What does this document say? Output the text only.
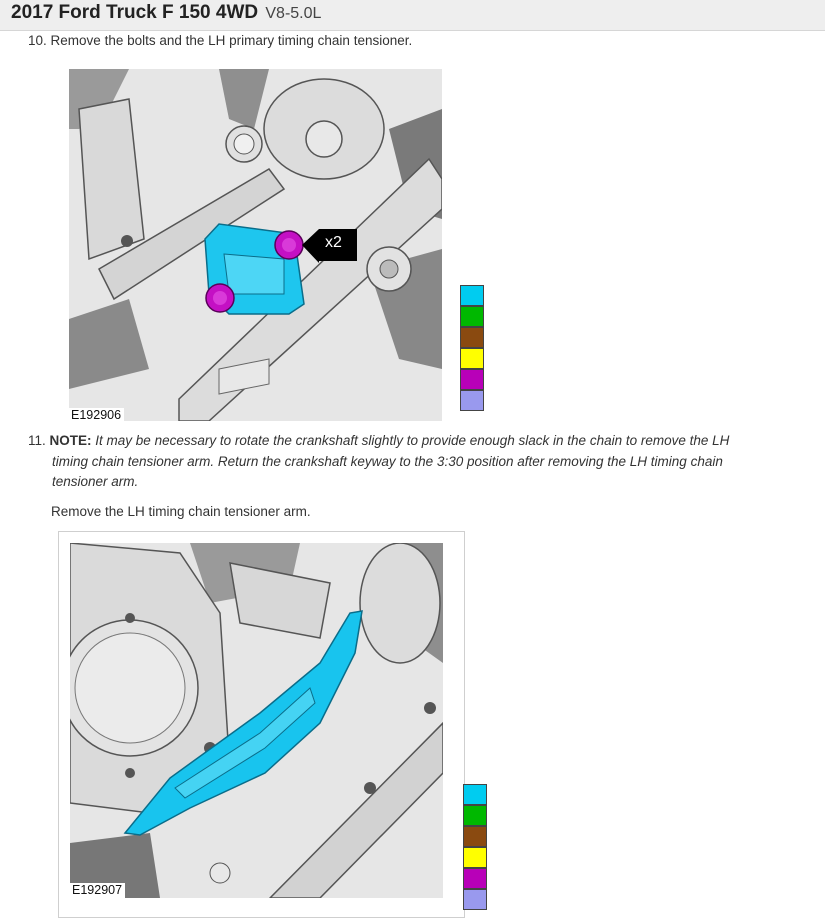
2017 Ford Truck F 150 4WD V8-5.0L
10. Remove the bolts and the LH primary timing chain tensioner.
x2
E192906
11. NOTE: It may be necessary to rotate the crankshaft slightly to provide enough slack in the chain to remove the LH
timing chain tensioner arm. Return the crankshaft keyway to the 3:30 position after removing the LH timing chain
tensioner arm.
Remove the LH timing chain tensioner arm.
E192907
